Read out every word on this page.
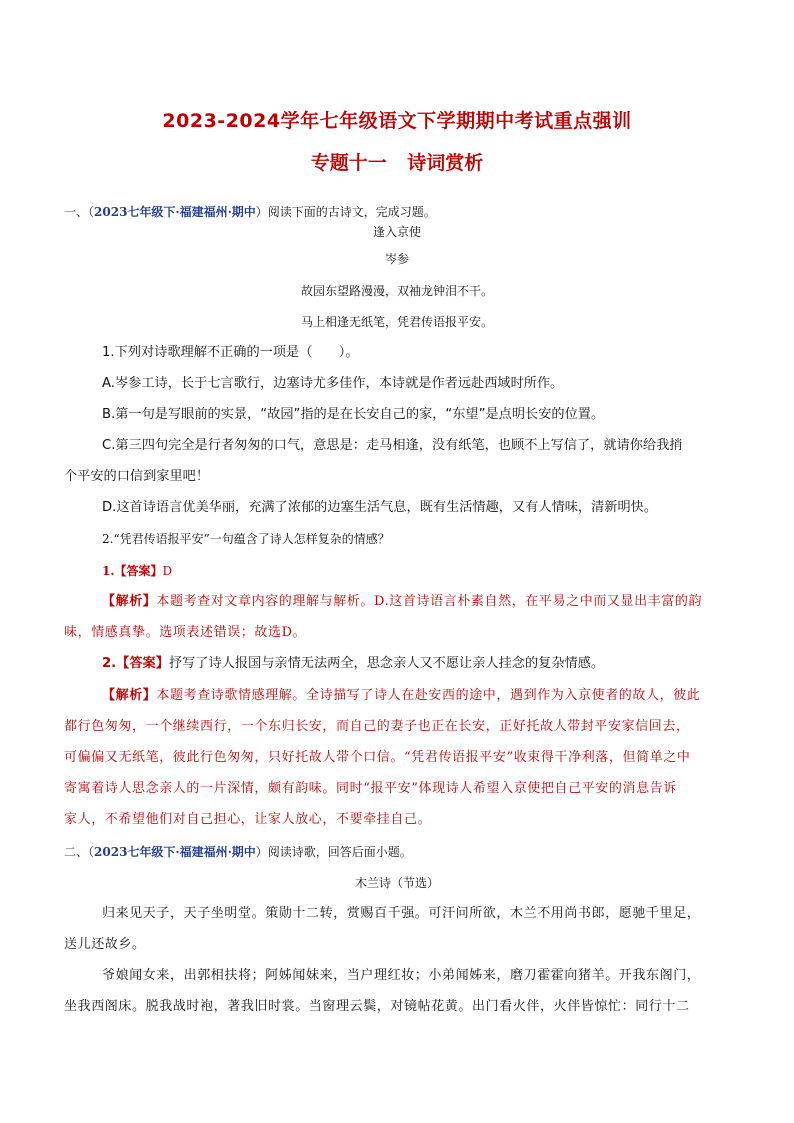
2023-2024学年七年级语文下学期期中考试重点强训
专题十一 诗词赏析
一、（2023七年级下·福建福州·期中）阅读下面的古诗文，完成习题。
逢入京使
岑参
故园东望路漫漫，双袖龙钟泪不干。
马上相逢无纸笔，凭君传语报平安。
1.下列对诗歌理解不正确的一项是（　　）。
A.岑参工诗，长于七言歌行，边塞诗尤多佳作，本诗就是作者远赴西域时所作。
B.第一句是写眼前的实景，“故园”指的是在长安自己的家，“东望”是点明长安的位置。
C.第三四句完全是行者匆匆的口气，意思是：走马相逢，没有纸笔，也顾不上写信了，就请你给我捎
个平安的口信到家里吧！
D.这首诗语言优美华丽，充满了浓郁的边塞生活气息，既有生活情趣，又有人情味，清新明快。
2.“凭君传语报平安”一句蕴含了诗人怎样复杂的情感？
1.【答案】D
【解析】本题考查对文章内容的理解与解析。D.这首诗语言朴素自然，在平易之中而又显出丰富的韵
味，情感真挚。选项表述错误；故选D。
2.【答案】抒写了诗人报国与亲情无法两全，思念亲人又不愿让亲人挂念的复杂情感。
【解析】本题考查诗歌情感理解。全诗描写了诗人在赴安西的途中，遇到作为入京使者的故人，彼此
都行色匆匆，一个继续西行，一个东归长安，而自己的妻子也正在长安，正好托故人带封平安家信回去，
可偏偏又无纸笔，彼此行色匆匆，只好托故人带个口信。“凭君传语报平安”收束得干净利落，但简单之中
寄寓着诗人思念亲人的一片深情，颇有韵味。同时“报平安”体现诗人希望入京使把自己平安的消息告诉
家人，不希望他们对自己担心，让家人放心，不要牵挂自己。
二、（2023七年级下·福建福州·期中）阅读诗歌，回答后面小题。
木兰诗（节选）
归来见天子，天子坐明堂。策勋十二转，赏赐百千强。可汗问所欲，木兰不用尚书郎，愿驰千里足，
送儿还故乡。
爷娘闻女来，出郭相扶将；阿姊闻妹来，当户理红妆；小弟闻姊来，磨刀霍霍向猪羊。开我东阁门，
坐我西阁床。脱我战时袍，著我旧时裳。当窗理云鬓，对镜帖花黄。出门看火伴，火伴皆惊忙：同行十二
